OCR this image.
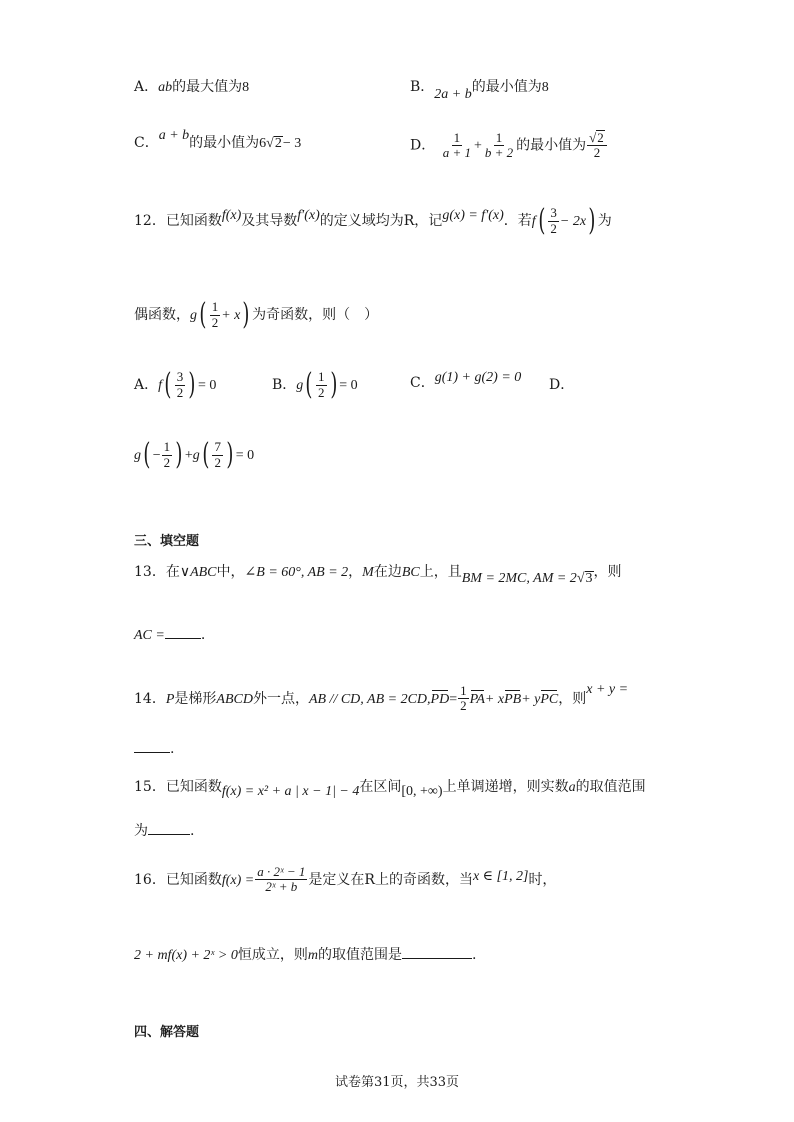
A．ab的最大值为8	B．2a + b的最小值为8
C．a + b的最小值为6√2− 3	D． $\frac{1}{a + 1} + \frac{1}{b + 2}$ 的最小值为 $\frac{√2}{2}$
12．已知函数f(x)及其导数f′(x)的定义域均为R，记g(x) = f′(x)．若$f( \frac{3}{2} - 2x)$ 为
偶函数，$g( \frac{1}{2} + x)$ 为奇函数，则（　）
A．$f( \frac{3}{2}$ ) = 0	B．$g( \frac{1}{2}$ ) = 0	C．g(1) + g(2) = 0 D．
$g( - \frac{1}{2}$ ) $+g( \frac{7}{2}$ ) = 0
三、填空题
13．在∨ABC中，∠B = 60°, AB = 2，M在边BC上，且BM = 2MC, AM = 2√3，则
AC =	.
14．P是梯形ABCD外一点，AB // CD, AB = $2CD,PD= \frac{1}{2} PA+ xPB+$ yPC，则x + y =
.
15．已知函数f(x) = x² + a | x − 1| − 4在区间[0, +∞)上单调递增，则实数a的取值范围
为	.
16．已知函数$f(x) = \frac{\text{a · 2ˣ − 1}}{\text{2ˣ + b}}$ 是定义在R上的奇函数，当x ∈ [1, 2]时，
2 + mf(x) + 2ˣ > 0恒成立，则m的取值范围是	.
四、解答题
试卷第31页，共33页
